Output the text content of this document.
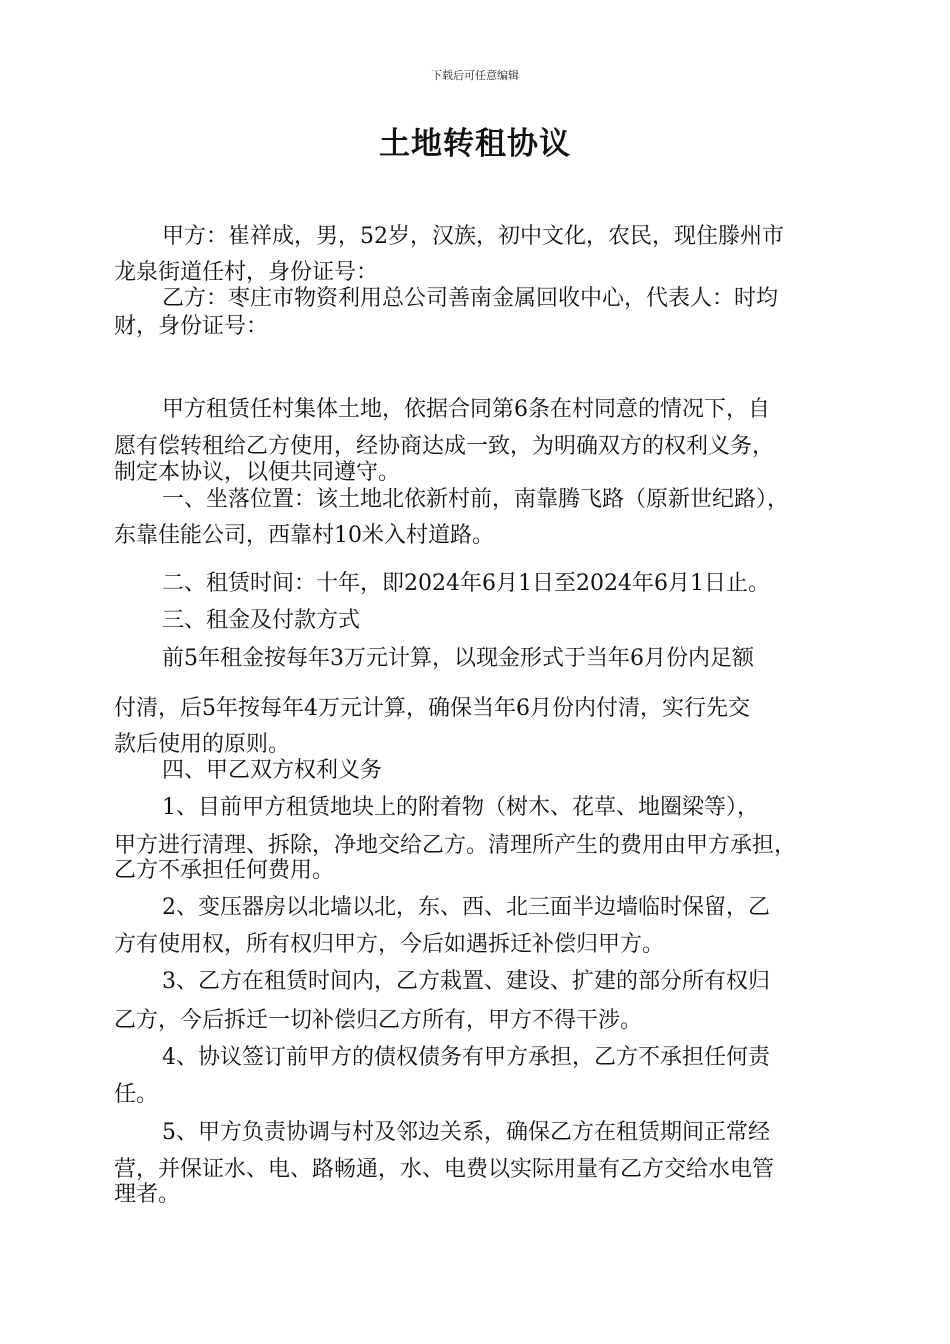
下载后可任意编辑
土地转租协议
甲方：崔祥成，男，52岁，汉族，初中文化，农民，现住滕州市
龙泉街道任村，身份证号：
乙方：枣庄市物资利用总公司善南金属回收中心，代表人：时均
财，身份证号：
甲方租赁任村集体土地，依据合同第6条在村同意的情况下，自
愿有偿转租给乙方使用，经协商达成一致，为明确双方的权利义务，
制定本协议，以便共同遵守。
一、坐落位置：该土地北依新村前，南靠腾飞路（原新世纪路），
东靠佳能公司，西靠村10米入村道路。
二、租赁时间：十年，即2024年6月1日至2024年6月1日止。
三、租金及付款方式
前5年租金按每年3万元计算，以现金形式于当年6月份内足额
付清，后5年按每年4万元计算，确保当年6月份内付清，实行先交
款后使用的原则。
四、甲乙双方权利义务
1、目前甲方租赁地块上的附着物（树木、花草、地圈梁等），
甲方进行清理、拆除，净地交给乙方。清理所产生的费用由甲方承担，
乙方不承担任何费用。
2、变压器房以北墙以北，东、西、北三面半边墙临时保留，乙
方有使用权，所有权归甲方，今后如遇拆迁补偿归甲方。
3、乙方在租赁时间内，乙方栽置、建设、扩建的部分所有权归
乙方，今后拆迁一切补偿归乙方所有，甲方不得干涉。
4、协议签订前甲方的债权债务有甲方承担，乙方不承担任何责
任。
5、甲方负责协调与村及邻边关系，确保乙方在租赁期间正常经
营，并保证水、电、路畅通，水、电费以实际用量有乙方交给水电管
理者。
